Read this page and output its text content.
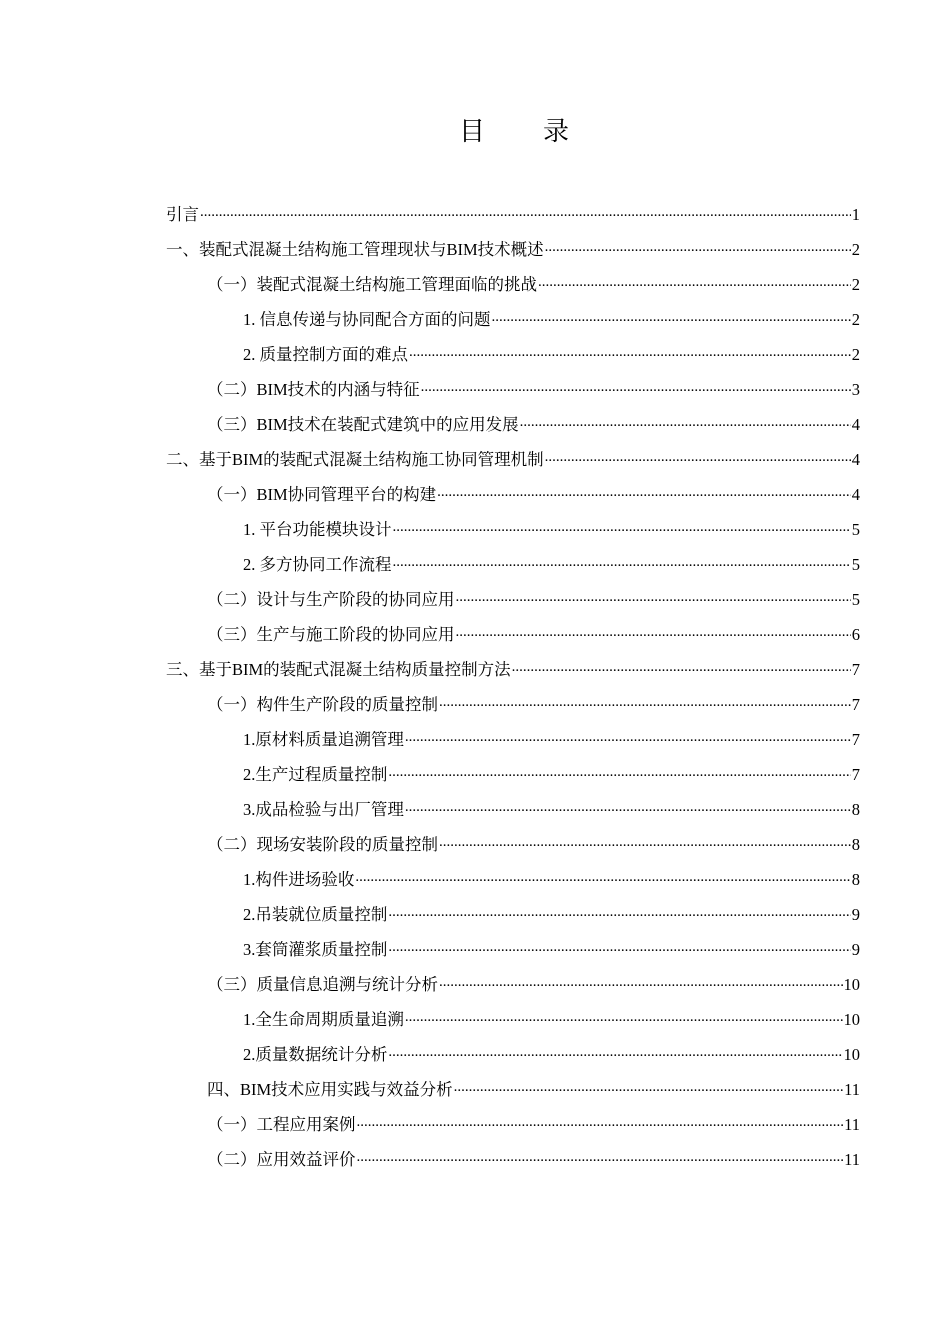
目 录
引言 .....	1
一、装配式混凝土结构施工管理现状与BIM技术概述 .....	2
（一）装配式混凝土结构施工管理面临的挑战 .....	2
1. 信息传递与协同配合方面的问题 .....	2
2. 质量控制方面的难点 .....	2
（二）BIM技术的内涵与特征 .....	3
（三）BIM技术在装配式建筑中的应用发展 .....	4
二、基于BIM的装配式混凝土结构施工协同管理机制 .....	4
（一）BIM协同管理平台的构建 .....	4
1. 平台功能模块设计 .....	5
2. 多方协同工作流程 .....	5
（二）设计与生产阶段的协同应用 .....	5
（三）生产与施工阶段的协同应用 .....	6
三、基于BIM的装配式混凝土结构质量控制方法 .....	7
（一）构件生产阶段的质量控制 .....	7
1.原材料质量追溯管理 .....	7
2.生产过程质量控制 .....	7
3.成品检验与出厂管理 .....	8
（二）现场安装阶段的质量控制 .....	8
1.构件进场验收 .....	8
2.吊装就位质量控制 .....	9
3.套筒灌浆质量控制 .....	9
（三）质量信息追溯与统计分析 .....	10
1.全生命周期质量追溯 .....	10
2.质量数据统计分析 .....	10
四、BIM技术应用实践与效益分析 .....	11
（一）工程应用案例 .....	11
（二）应用效益评价 .....	11
